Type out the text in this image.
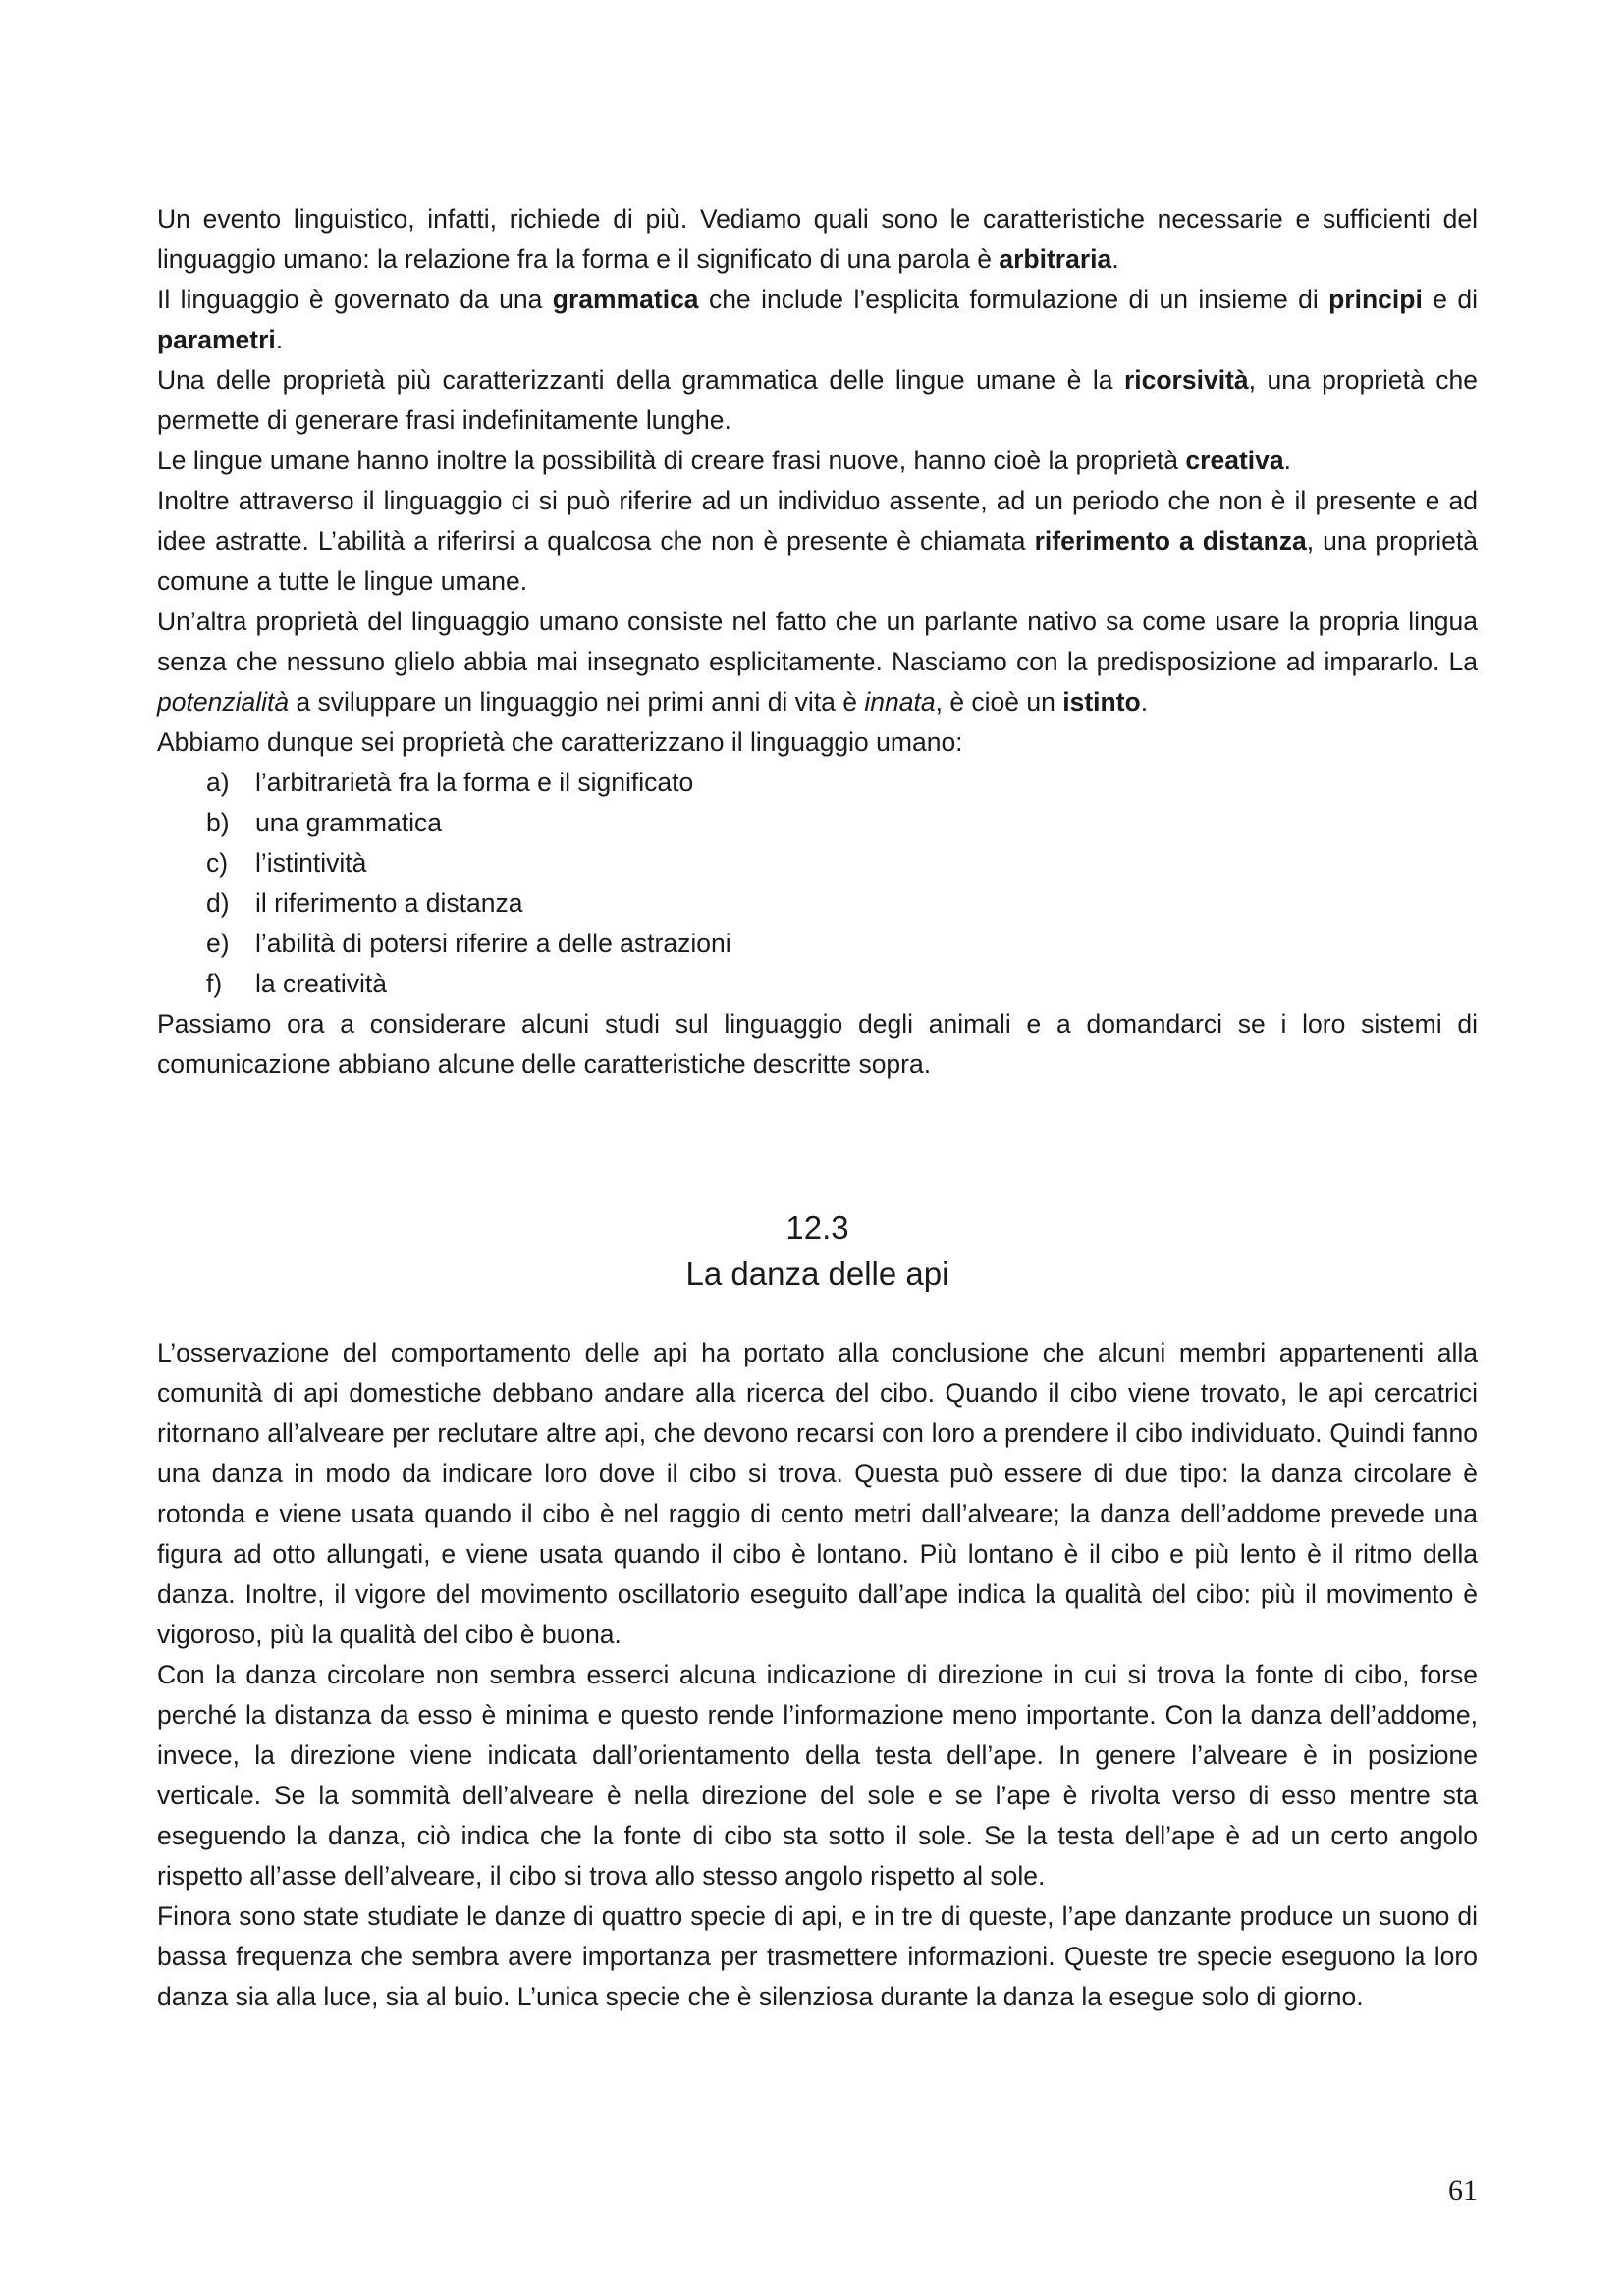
Un evento linguistico, infatti, richiede di più. Vediamo quali sono le caratteristiche necessarie e sufficienti del linguaggio umano: la relazione fra la forma e il significato di una parola è arbitraria.

Il linguaggio è governato da una grammatica che include l’esplicita formulazione di un insieme di principi e di parametri.

Una delle proprietà più caratterizzanti della grammatica delle lingue umane è la ricorsività, una proprietà che permette di generare frasi indefinitamente lunghe.

Le lingue umane hanno inoltre la possibilità di creare frasi nuove, hanno cioè la proprietà creativa.

Inoltre attraverso il linguaggio ci si può riferire ad un individuo assente, ad un periodo che non è il presente e ad idee astratte. L’abilità a riferirsi a qualcosa che non è presente è chiamata riferimento a distanza, una proprietà comune a tutte le lingue umane.

Un’altra proprietà del linguaggio umano consiste nel fatto che un parlante nativo sa come usare la propria lingua senza che nessuno glielo abbia mai insegnato esplicitamente. Nasciamo con la predisposizione ad impararlo. La potenzialità a sviluppare un linguaggio nei primi anni di vita è innata, è cioè un istinto.

Abbiamo dunque sei proprietà che caratterizzano il linguaggio umano:

a) l’arbitrarietà fra la forma e il significato
b) una grammatica
c) l’istintività
d) il riferimento a distanza
e) l’abilità di potersi riferire a delle astrazioni
f) la creatività

Passiamo ora a considerare alcuni studi sul linguaggio degli animali e a domandarci se i loro sistemi di comunicazione abbiano alcune delle caratteristiche descritte sopra.

12.3
La danza delle api

L’osservazione del comportamento delle api ha portato alla conclusione che alcuni membri appartenenti alla comunità di api domestiche debbano andare alla ricerca del cibo. Quando il cibo viene trovato, le api cercatrici ritornano all’alveare per reclutare altre api, che devono recarsi con loro a prendere il cibo individuato. Quindi fanno una danza in modo da indicare loro dove il cibo si trova. Questa può essere di due tipo: la danza circolare è rotonda e viene usata quando il cibo è nel raggio di cento metri dall’alveare; la danza dell’addome prevede una figura ad otto allungati, e viene usata quando il cibo è lontano. Più lontano è il cibo e più lento è il ritmo della danza. Inoltre, il vigore del movimento oscillatorio eseguito dall’ape indica la qualità del cibo: più il movimento è vigoroso, più la qualità del cibo è buona.

Con la danza circolare non sembra esserci alcuna indicazione di direzione in cui si trova la fonte di cibo, forse perché la distanza da esso è minima e questo rende l’informazione meno importante. Con la danza dell’addome, invece, la direzione viene indicata dall’orientamento della testa dell’ape. In genere l’alveare è in posizione verticale. Se la sommità dell’alveare è nella direzione del sole e se l’ape è rivolta verso di esso mentre sta eseguendo la danza, ciò indica che la fonte di cibo sta sotto il sole. Se la testa dell’ape è ad un certo angolo rispetto all’asse dell’alveare, il cibo si trova allo stesso angolo rispetto al sole.

Finora sono state studiate le danze di quattro specie di api, e in tre di queste, l’ape danzante produce un suono di bassa frequenza che sembra avere importanza per trasmettere informazioni. Queste tre specie eseguono la loro danza sia alla luce, sia al buio. L’unica specie che è silenziosa durante la danza la esegue solo di giorno.

61
